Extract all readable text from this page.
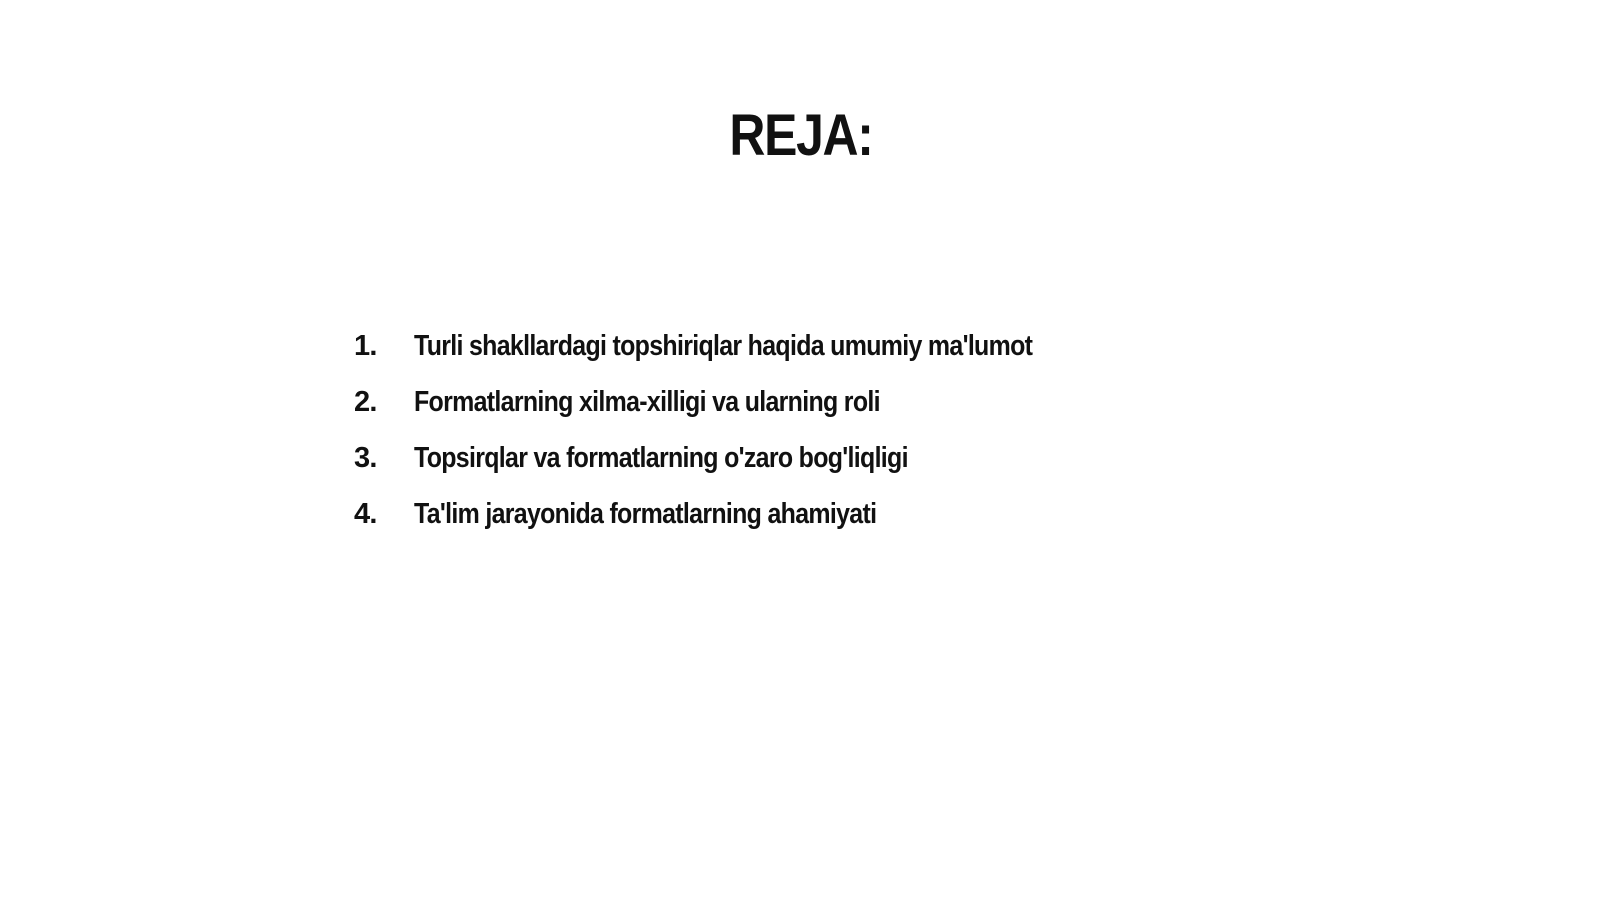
REJA:
1.	Turli shakllardagi topshiriqlar haqida umumiy ma'lumot
2.	Formatlarning xilma-xilligi va ularning roli
3.	Topsirqlar va formatlarning o'zaro bog'liqligi
4.	Ta'lim jarayonida formatlarning ahamiyati
